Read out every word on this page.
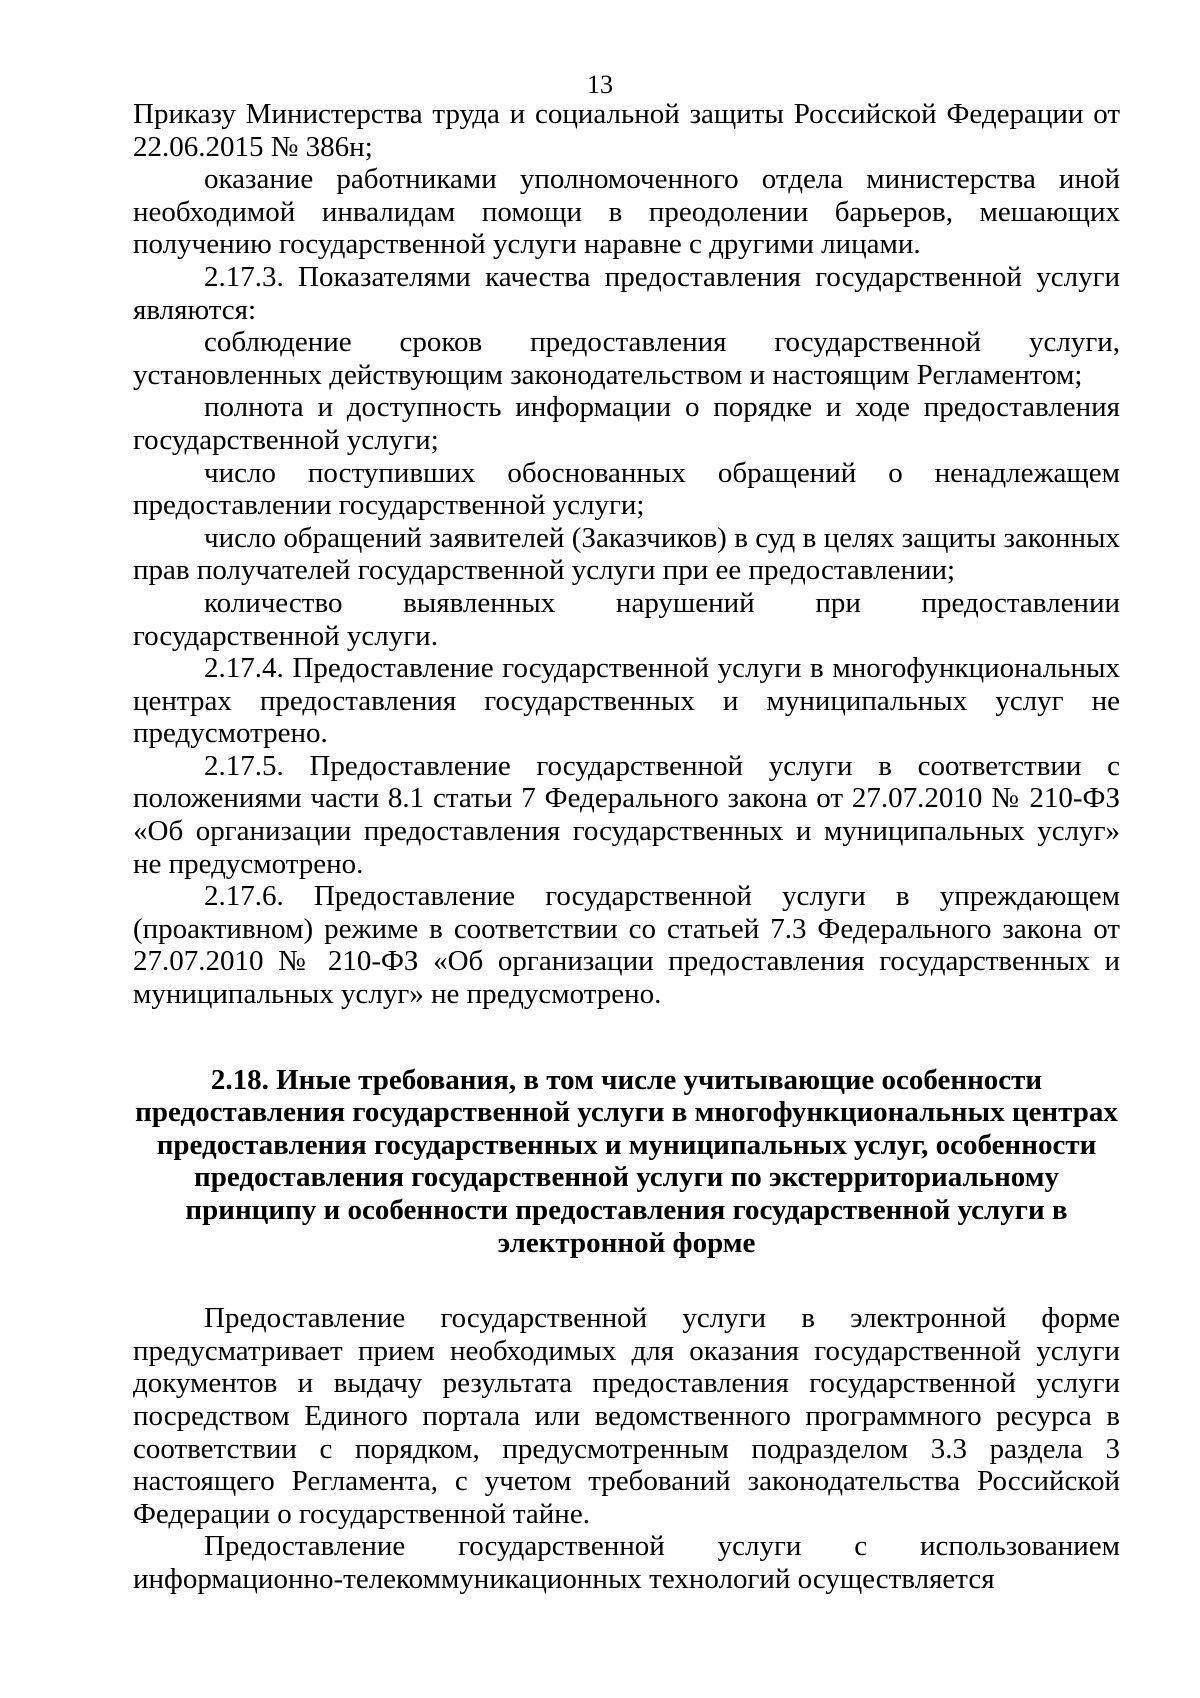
13

Приказу Министерства труда и социальной защиты Российской Федерации от 22.06.2015 № 386н;

оказание работниками уполномоченного отдела министерства иной необходимой инвалидам помощи в преодолении барьеров, мешающих получению государственной услуги наравне с другими лицами.

2.17.3. Показателями качества предоставления государственной услуги являются:

соблюдение сроков предоставления государственной услуги, установленных действующим законодательством и настоящим Регламентом;

полнота и доступность информации о порядке и ходе предоставления государственной услуги;

число поступивших обоснованных обращений о ненадлежащем предоставлении государственной услуги;

число обращений заявителей (Заказчиков) в суд в целях защиты законных прав получателей государственной услуги при ее предоставлении;

количество выявленных нарушений при предоставлении государственной услуги.

2.17.4. Предоставление государственной услуги в многофункциональных центрах предоставления государственных и муниципальных услуг не предусмотрено.

2.17.5. Предоставление государственной услуги в соответствии с положениями части 8.1 статьи 7 Федерального закона от 27.07.2010 № 210-ФЗ «Об организации предоставления государственных и муниципальных услуг» не предусмотрено.

2.17.6. Предоставление государственной услуги в упреждающем (проактивном) режиме в соответствии со статьей 7.3 Федерального закона от 27.07.2010 № 210-ФЗ «Об организации предоставления государственных и муниципальных услуг» не предусмотрено.

2.18. Иные требования, в том числе учитывающие особенности предоставления государственной услуги в многофункциональных центрах предоставления государственных и муниципальных услуг, особенности предоставления государственной услуги по экстерриториальному принципу и особенности предоставления государственной услуги в электронной форме

Предоставление государственной услуги в электронной форме предусматривает прием необходимых для оказания государственной услуги документов и выдачу результата предоставления государственной услуги посредством Единого портала или ведомственного программного ресурса в соответствии с порядком, предусмотренным подразделом 3.3 раздела 3 настоящего Регламента, с учетом требований законодательства Российской Федерации о государственной тайне.

Предоставление государственной услуги с использованием информационно-телекоммуникационных технологий осуществляется
